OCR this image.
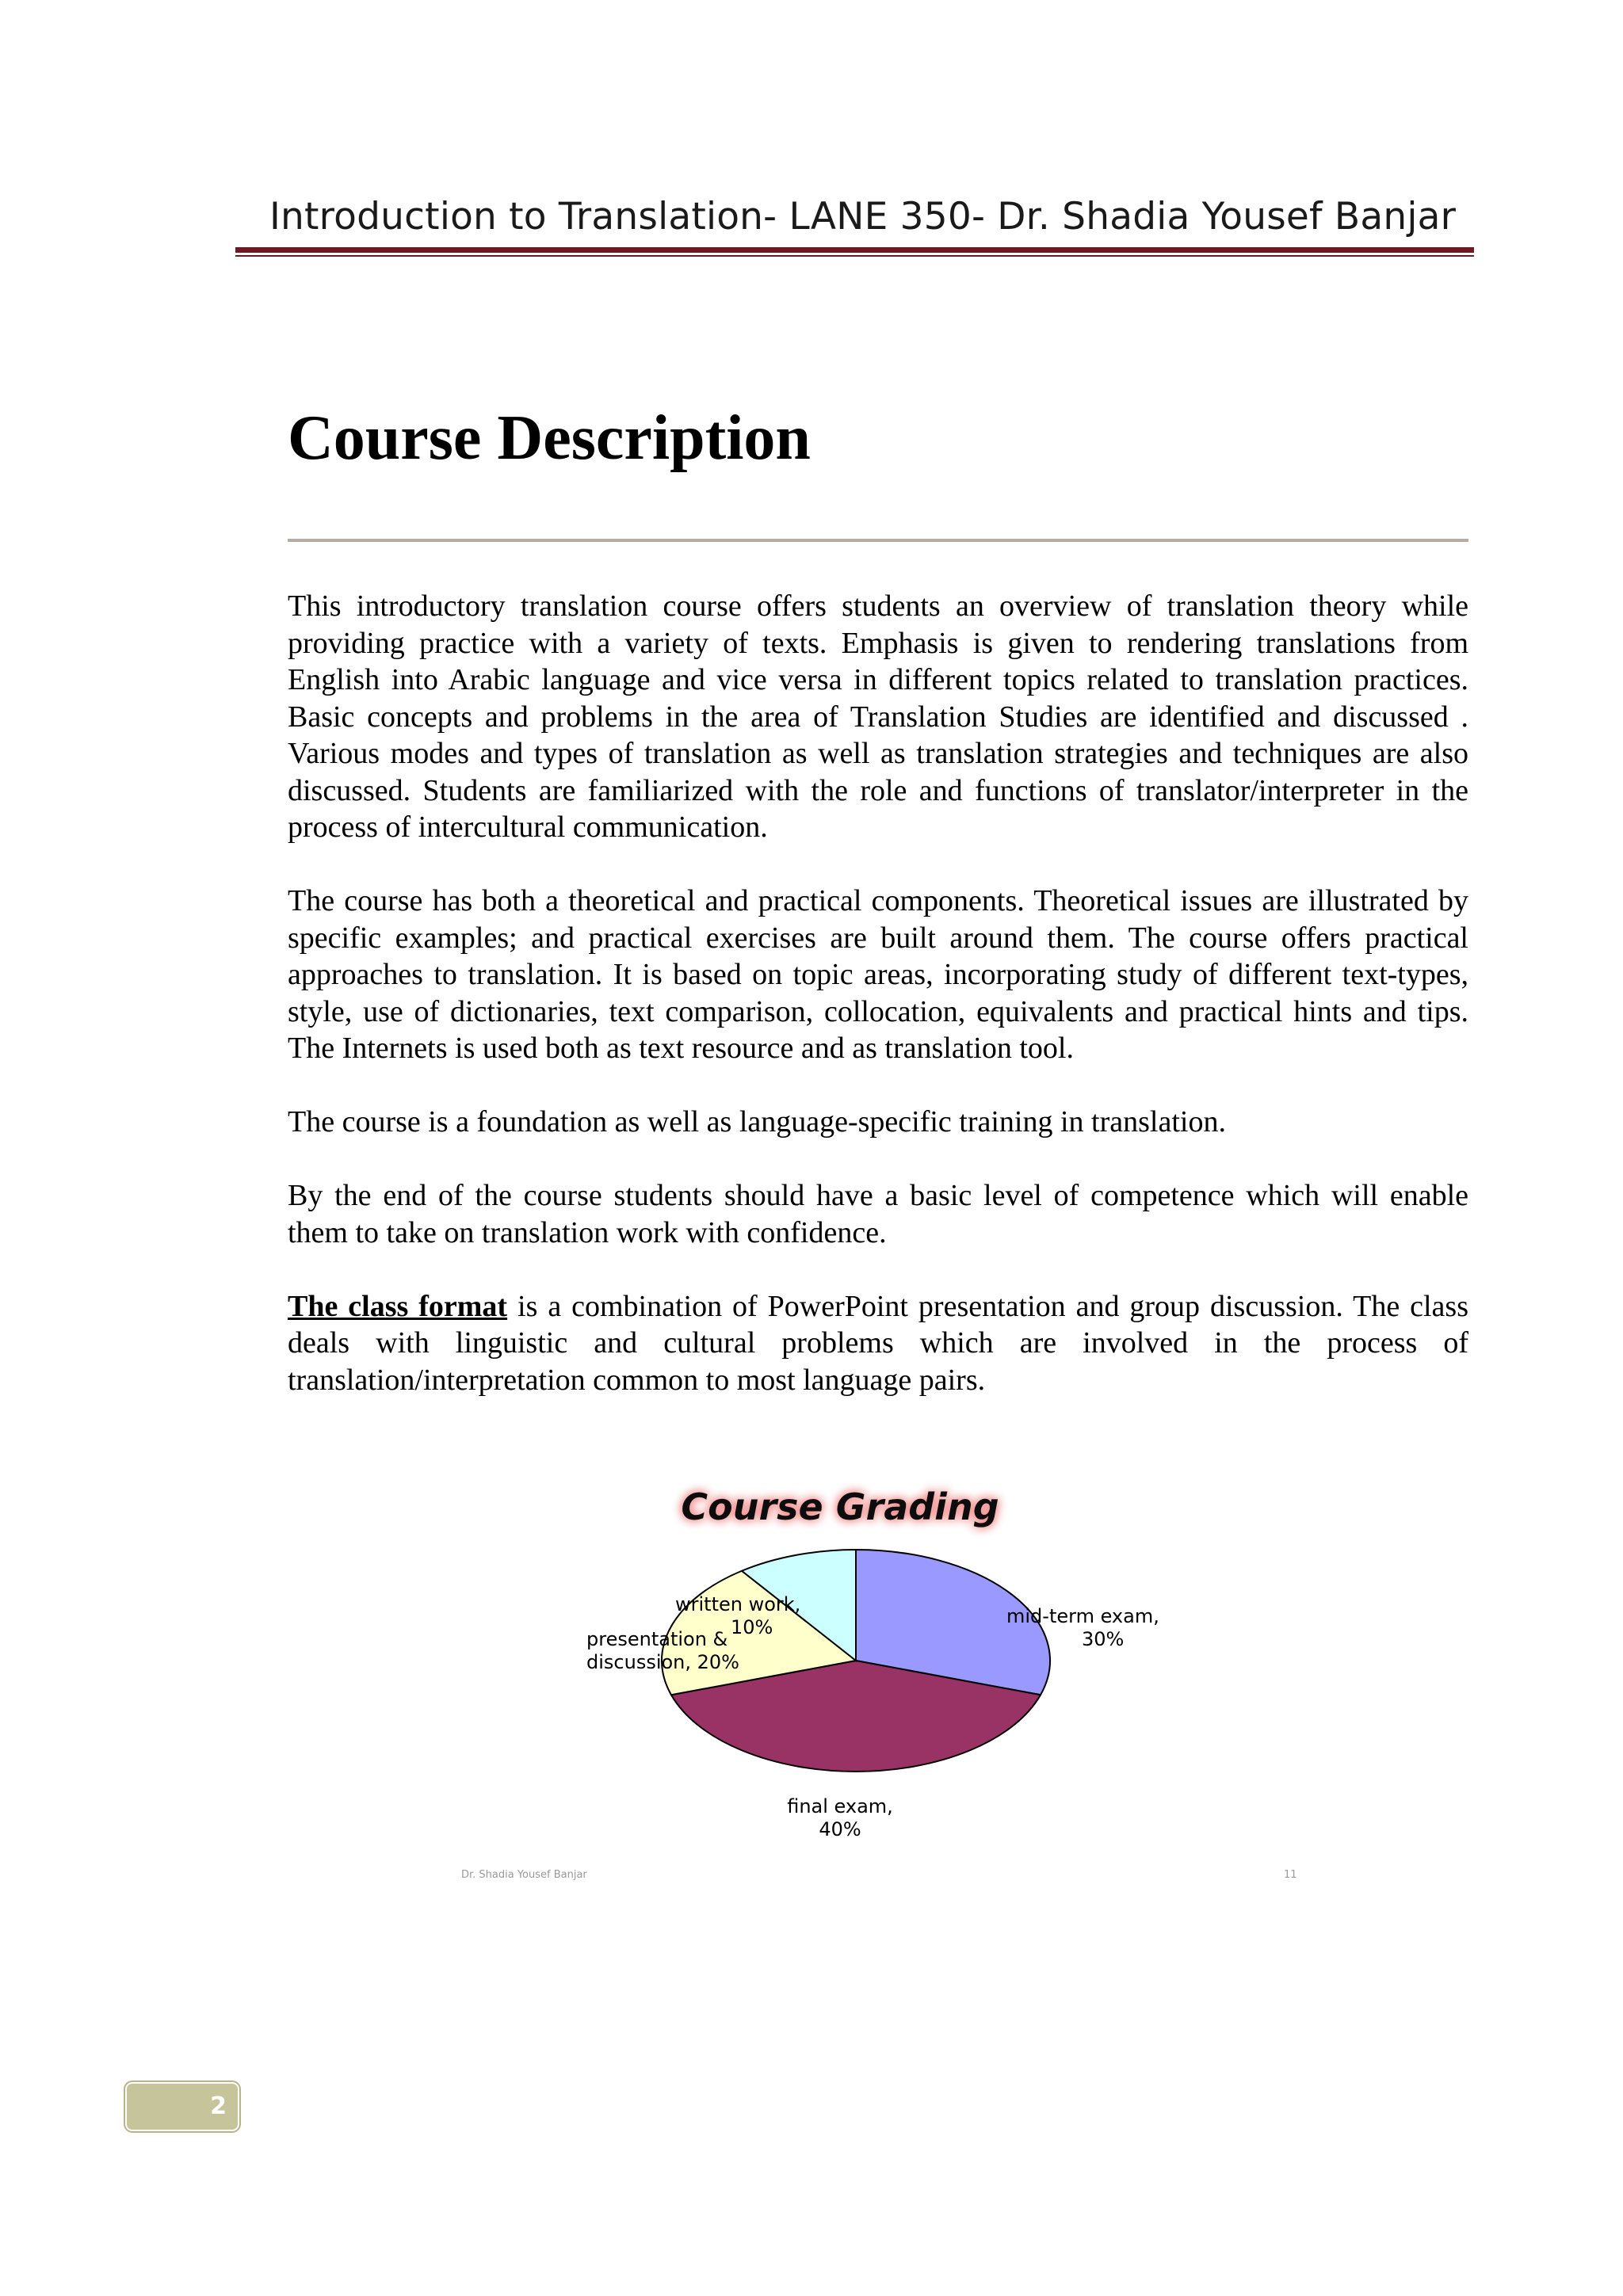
Introduction to Translation- LANE 350- Dr. Shadia Yousef Banjar
Course Description

This introductory translation course offers students an overview of translation theory while providing practice with a variety of texts. Emphasis is given to rendering translations from English into Arabic language and vice versa in different topics related to translation practices. Basic concepts and problems in the area of Translation Studies are identified and discussed . Various modes and types of translation as well as translation strategies and techniques are also discussed. Students are familiarized with the role and functions of translator/interpreter in the process of intercultural communication.

The course has both a theoretical and practical components. Theoretical issues are illustrated by specific examples; and practical exercises are built around them. The course offers practical approaches to translation. It is based on topic areas, incorporating study of different text-types, style, use of dictionaries, text comparison, collocation, equivalents and practical hints and tips. The Internets is used both as text resource and as translation tool.

The course is a foundation as well as language-specific training in translation.

By the end of the course students should have a basic level of competence which will enable them to take on translation work with confidence.

The class format is a combination of PowerPoint presentation and group discussion. The class deals with linguistic and cultural problems which are involved in the process of translation/interpretation common to most language pairs.

Course Grading
mid-term exam,
30%
final exam,
40%
presentation &
discussion, 20%
written work,
10%
Dr. Shadia Yousef Banjar	11
2
